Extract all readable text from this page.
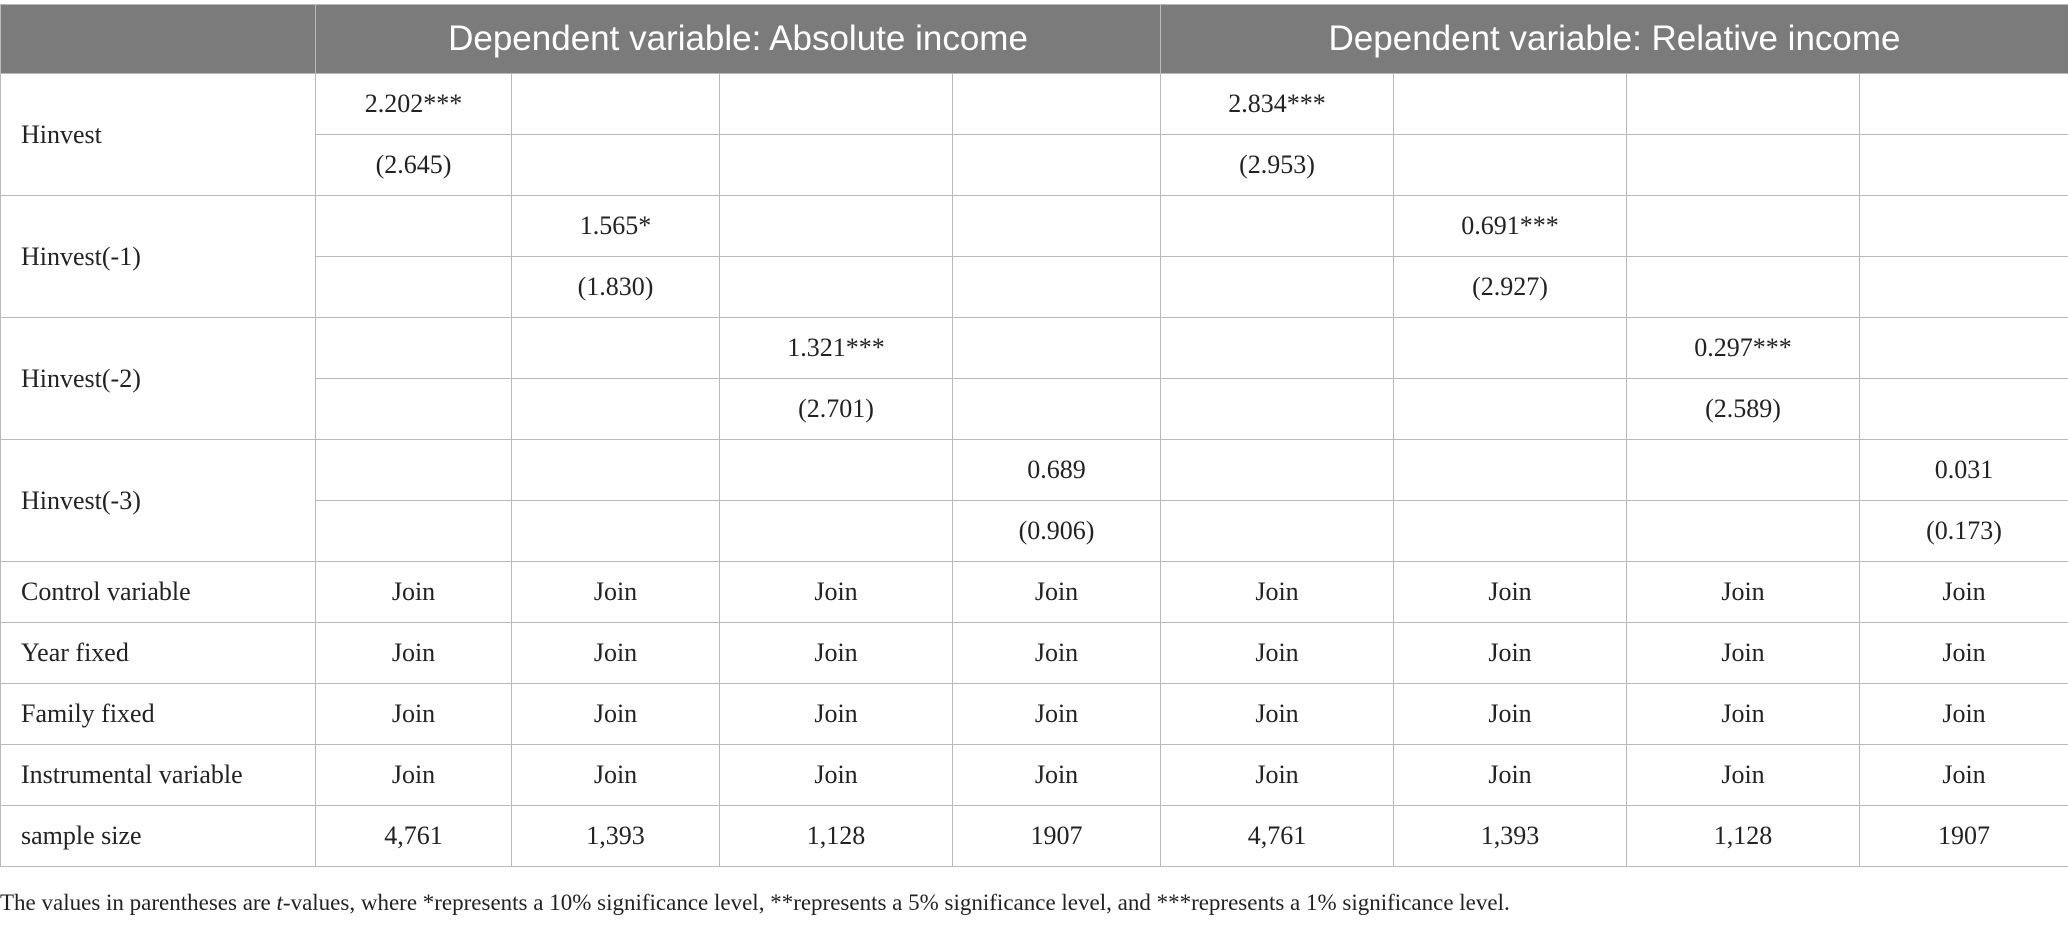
	Dependent variable: Absolute income				Dependent variable: Relative income			
Hinvest	2.202***				2.834***			
	(2.645)				(2.953)			
Hinvest(-1)		1.565*				0.691***		
		(1.830)				(2.927)		
Hinvest(-2)			1.321***				0.297***	
			(2.701)				(2.589)	
Hinvest(-3)				0.689				0.031
				(0.906)				(0.173)
Control variable	Join	Join	Join	Join	Join	Join	Join	Join
Year fixed	Join	Join	Join	Join	Join	Join	Join	Join
Family fixed	Join	Join	Join	Join	Join	Join	Join	Join
Instrumental variable	Join	Join	Join	Join	Join	Join	Join	Join
sample size	4,761	1,393	1,128	1907	4,761	1,393	1,128	1907
The values in parentheses are t-values, where *represents a 10% significance level, **represents a 5% significance level, and ***represents a 1% significance level.
